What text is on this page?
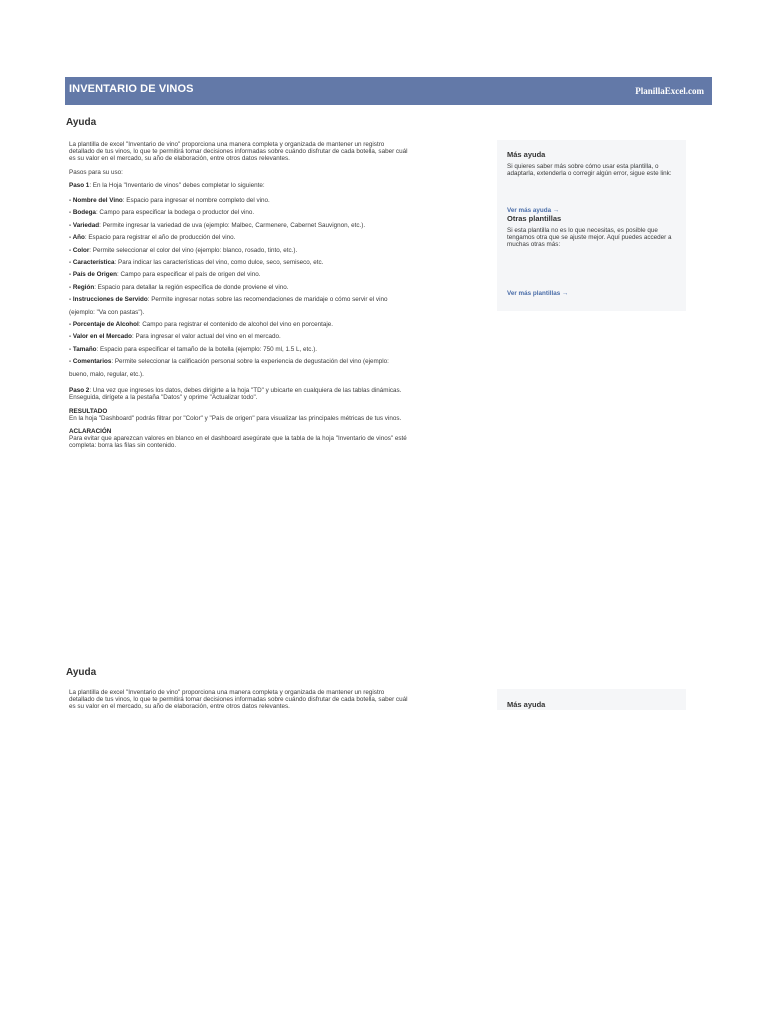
INVENTARIO DE VINOS	PlanillaExcel.com
Ayuda

La plantilla de excel "Inventario de vino" proporciona una manera completa y organizada de mantener un registro detallado de tus vinos, lo que te permitirá tomar decisiones informadas sobre cuándo disfrutar de cada botella, saber cuál es su valor en el mercado, su año de elaboración, entre otros datos relevantes.

Pasos para su uso:

Paso 1: En la Hoja "Inventario de vinos" debes completar lo siguiente:

- Nombre del Vino: Espacio para ingresar el nombre completo del vino.

- Bodega: Campo para especificar la bodega o productor del vino.

- Variedad: Permite ingresar la variedad de uva (ejemplo: Malbec, Carmenere, Cabernet Sauvignon, etc.).

- Año: Espacio para registrar el año de producción del vino.

- Color: Permite seleccionar el color del vino (ejemplo: blanco, rosado, tinto, etc.).

- Característica: Para indicar las características del vino, como dulce, seco, semiseco, etc.

- País de Origen: Campo para especificar el país de origen del vino.

- Región: Espacio para detallar la región específica de donde proviene el vino.

- Instrucciones de Servido: Permite ingresar notas sobre las recomendaciones de maridaje o cómo servir el vino (ejemplo: "Va con pastas").

- Porcentaje de Alcohol: Campo para registrar el contenido de alcohol del vino en porcentaje.

- Valor en el Mercado: Para ingresar el valor actual del vino en el mercado.

- Tamaño: Espacio para especificar el tamaño de la botella (ejemplo: 750 ml, 1.5 L, etc.).

- Comentarios: Permite seleccionar la calificación personal sobre la experiencia de degustación del vino (ejemplo: bueno, malo, regular, etc.).

Paso 2: Una vez que ingreses los datos, debes dirigirte a la hoja "TD" y ubicarte en cualquiera de las tablas dinámicas. Enseguida, dirígete a la pestaña "Datos" y oprime "Actualizar todo".

RESULTADO

En la hoja "Dashboard" podrás filtrar por "Color" y "País de origen" para visualizar las principales métricas de tus vinos.

ACLARACIÓN

Para evitar que aparezcan valores en blanco en el dashboard asegúrate que la tabla de la hoja "Inventario de vinos" esté completa: borra las filas sin contenido.

Más ayuda
Si quieres saber más sobre cómo usar esta plantilla, o adaptarla, extenderla o corregir algún error, sigue este link:
Ver más ayuda →
Otras plantillas
Si esta plantilla no es lo que necesitas, es posible que tengamos otra que se ajuste mejor. Aquí puedes acceder a muchas otras más:
Ver más plantillas →
Ayuda

La plantilla de excel "Inventario de vino" proporciona una manera completa y organizada de mantener un registro detallado de tus vinos, lo que te permitirá tomar decisiones informadas sobre cuándo disfrutar de cada botella, saber cuál es su valor en el mercado, su año de elaboración, entre otros datos relevantes.	Más ayuda
